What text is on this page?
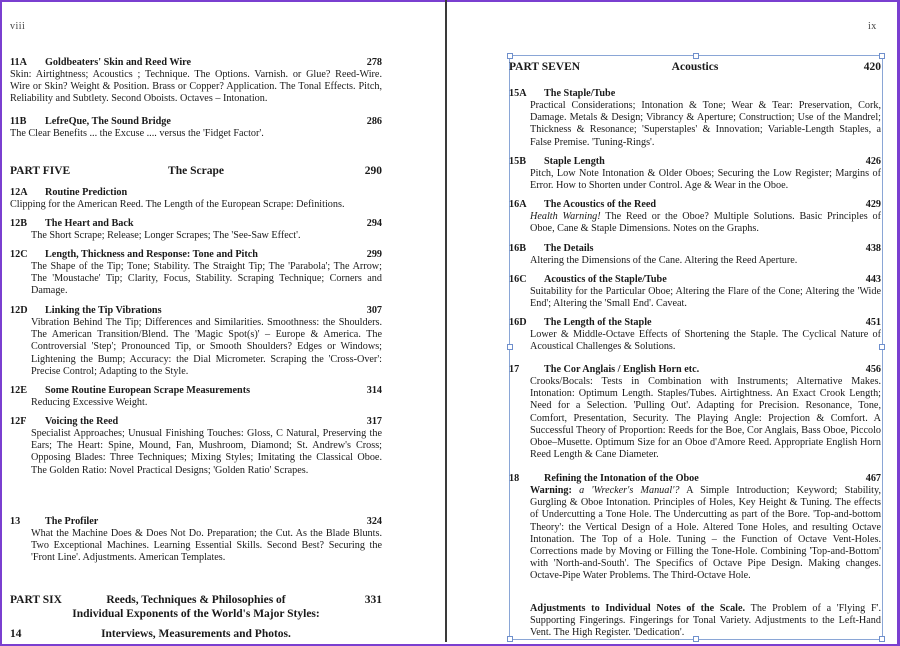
viii	ix
11A Goldbeaters' Skin and Reed Wire	278
Skin: Airtightness; Acoustics ; Technique. The Options. Varnish. or Glue? Reed-Wire. Wire or Skin? Weight & Position. Brass or Copper? Application. The Tonal Effects. Pitch, Reliability and Subtlety. Second Oboists. Octaves – Intonation.
11B LefreQue, The Sound Bridge	286
The Clear Benefits ... the Excuse .... versus the 'Fidget Factor'.
PART FIVE	The Scrape	290
12A Routine Prediction
Clipping for the American Reed. The Length of the European Scrape: Definitions.
12B The Heart and Back	294
The Short Scrape; Release; Longer Scrapes; The 'See-Saw Effect'.
12C Length, Thickness and Response: Tone and Pitch	299
The Shape of the Tip; Tone; Stability. The Straight Tip; The 'Parabola'; The Arrow; The 'Moustache' Tip; Clarity, Focus, Stability. Scraping Technique; Corners and Damage.
12D Linking the Tip Vibrations	307
Vibration Behind The Tip; Differences and Similarities. Smoothness: the Shoulders. The American Transition/Blend. The 'Magic Spot(s)' – Europe & America. The Controversial 'Step'; Pronounced Tip, or Smooth Shoulders? Edges or Windows; Lightening the Bump; Accuracy: the Dial Micrometer. Scraping the 'Cross-Over': Precise Control; Adapting to the Style.
12E Some Routine European Scrape Measurements	314
Reducing Excessive Weight.
12F Voicing the Reed	317
Specialist Approaches; Unusual Finishing Touches: Gloss, C Natural, Preserving the Ears; The Heart: Spine, Mound, Fan, Mushroom, Diamond; St. Andrew's Cross; Opposing Blades: Three Techniques; Mixing Styles; Imitating the Classical Oboe. The Golden Ratio: Novel Practical Designs; 'Golden Ratio' Scrapes.
13 The Profiler	324
What the Machine Does & Does Not Do. Preparation; the Cut. As the Blade Blunts. Two Exceptional Machines. Learning Essential Skills. Second Best? Securing the 'Front Line'. Adjustments. American Templates.
PART SIX	Reeds, Techniques & Philosophies of	331
Individual Exponents of the World's Major Styles:
14	Interviews, Measurements and Photos.
PART SEVEN	Acoustics	420
15A The Staple/Tube
Practical Considerations; Intonation & Tone; Wear & Tear: Preservation, Cork, Damage. Metals & Design; Vibrancy & Aperture; Construction; Use of the Mandrel; Thickness & Resonance; 'Superstaples' & Innovation; Variable-Length Staples, a False Premise. 'Tuning-Rings'.
15B Staple Length	426
Pitch, Low Note Intonation & Older Oboes; Securing the Low Register; Margins of Error. How to Shorten under Control. Age & Wear in the Oboe.
16A The Acoustics of the Reed	429
Health Warning! The Reed or the Oboe? Multiple Solutions. Basic Principles of Oboe, Cane & Staple Dimensions. Notes on the Graphs.
16B The Details	438
Altering the Dimensions of the Cane. Altering the Reed Aperture.
16C Acoustics of the Staple/Tube	443
Suitability for the Particular Oboe; Altering the Flare of the Cone; Altering the 'Wide End'; Altering the 'Small End'. Caveat.
16D The Length of the Staple	451
Lower & Middle-Octave Effects of Shortening the Staple. The Cyclical Nature of Acoustical Challenges & Solutions.
17 The Cor Anglais / English Horn etc.	456
Crooks/Bocals: Tests in Combination with Instruments; Alternative Makes. Intonation: Optimum Length. Staples/Tubes. Airtightness. An Exact Crook Length; Need for a Selection. 'Pulling Out'. Adapting for Precision. Resonance, Tone, Comfort, Presentation, Security. The Playing Angle: Projection & Comfort. A Successful Theory of Proportion: Reeds for the Boe, Cor Anglais, Bass Oboe, Piccolo Oboe–Musette. Optimum Size for an Oboe d'Amore Reed. Appropriate English Horn Reed Length & Cane Diameter.
18 Refining the Intonation of the Oboe	467
Warning: a 'Wrecker's Manual'? A Simple Introduction; Keyword; Stability, Gurgling & Oboe Intonation. Principles of Holes, Key Height & Tuning. The effects of Undercutting a Tone Hole. The Undercutting as part of the Bore. 'Top-and-bottom Theory': the Vertical Design of a Hole. Altered Tone Holes, and resulting Octave Intonation. The Top of a Hole. Tuning – the Function of Octave Vent-Holes. Corrections made by Moving or Filling the Tone-Hole. Combining 'Top-and-Bottom' with 'North-and-South'. The Specifics of Octave Pipe Design. Making changes. Octave-Pipe Water Problems. The Third-Octave Hole.
Adjustments to Individual Notes of the Scale. The Problem of a 'Flying F'. Supporting Fingerings. Fingerings for Tonal Variety. Adjustments to the Left-Hand Vent. The High Register. 'Dedication'.
